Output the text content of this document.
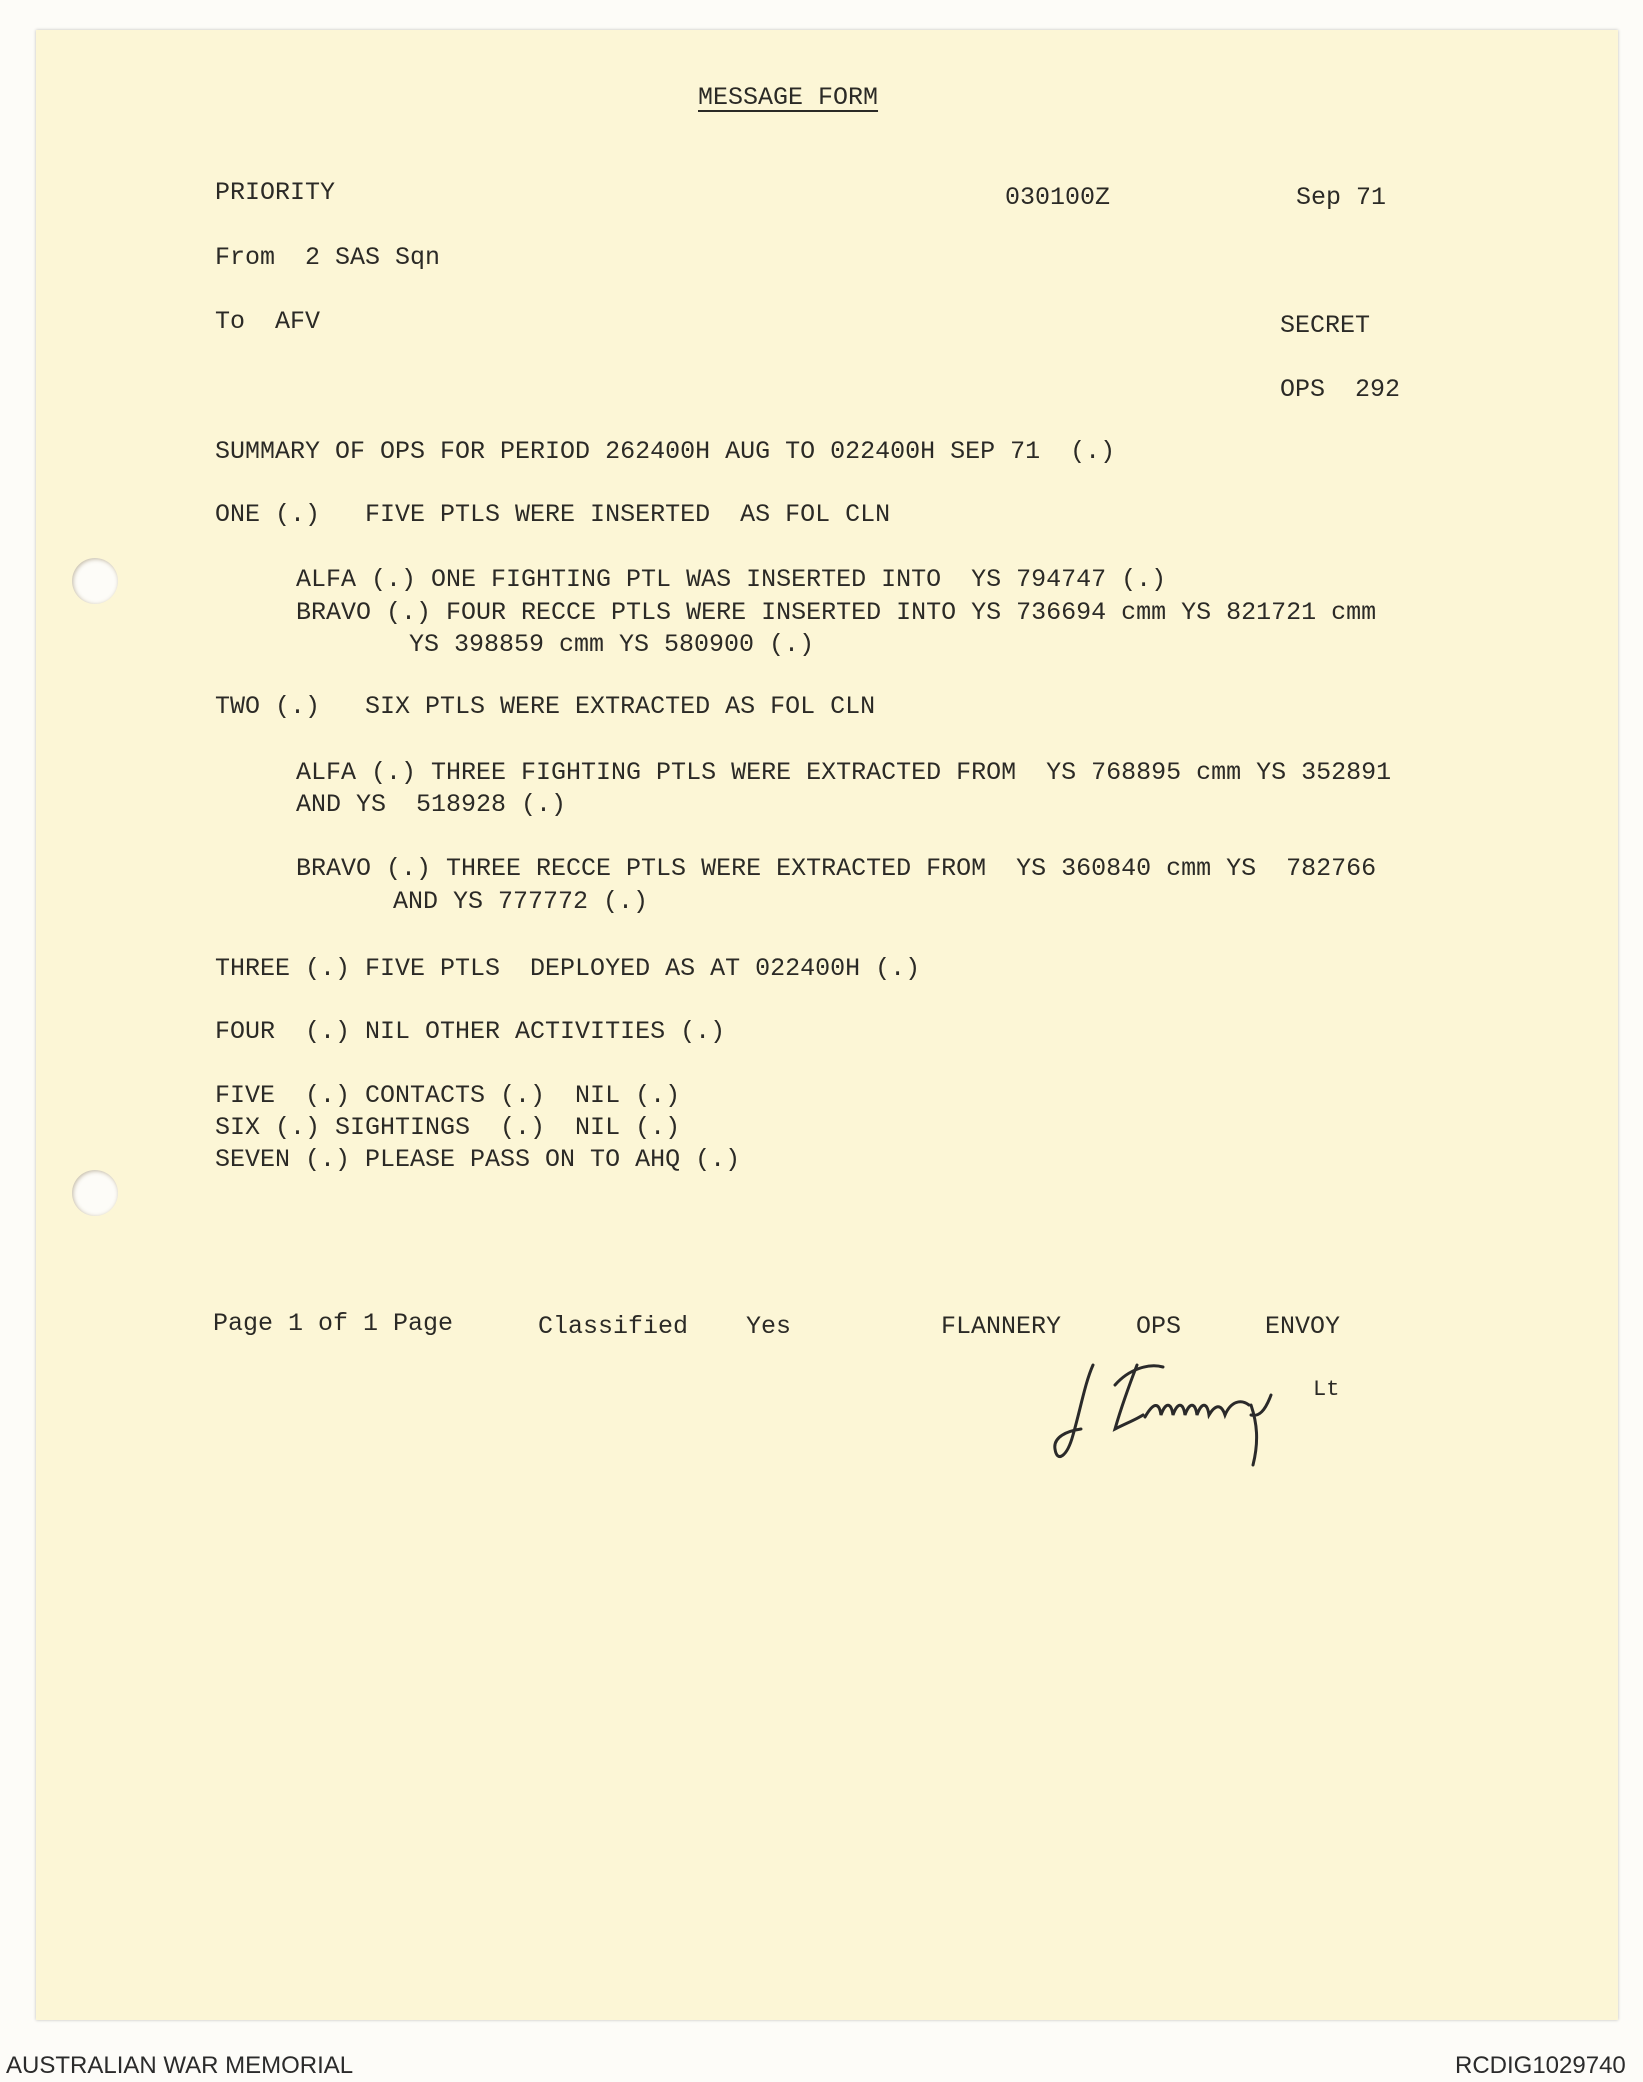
MESSAGE FORM
PRIORITY	030100Z	Sep 71
From  2 SAS Sqn
To  AFV	SECRET
OPS  292
SUMMARY OF OPS FOR PERIOD 262400H AUG TO 022400H SEP 71  (.)
ONE (.)   FIVE PTLS WERE INSERTED  AS FOL CLN
ALFA (.) ONE FIGHTING PTL WAS INSERTED INTO  YS 794747 (.)
BRAVO (.) FOUR RECCE PTLS WERE INSERTED INTO YS 736694 cmm YS 821721 cmm
YS 398859 cmm YS 580900 (.)
TWO (.)   SIX PTLS WERE EXTRACTED AS FOL CLN
ALFA (.) THREE FIGHTING PTLS WERE EXTRACTED FROM  YS 768895 cmm YS 352891
AND YS  518928 (.)
BRAVO (.) THREE RECCE PTLS WERE EXTRACTED FROM  YS 360840 cmm YS  782766
AND YS 777772 (.)
THREE (.) FIVE PTLS  DEPLOYED AS AT 022400H (.)
FOUR  (.) NIL OTHER ACTIVITIES (.)
FIVE  (.) CONTACTS (.)  NIL (.)
SIX (.) SIGHTINGS  (.)  NIL (.)
SEVEN (.) PLEASE PASS ON TO AHQ (.)
Page 1 of 1 Page	Classified Yes	FLANNERY	OPS	ENVOY
Lt
AUSTRALIAN WAR MEMORIAL	RCDIG1029740
